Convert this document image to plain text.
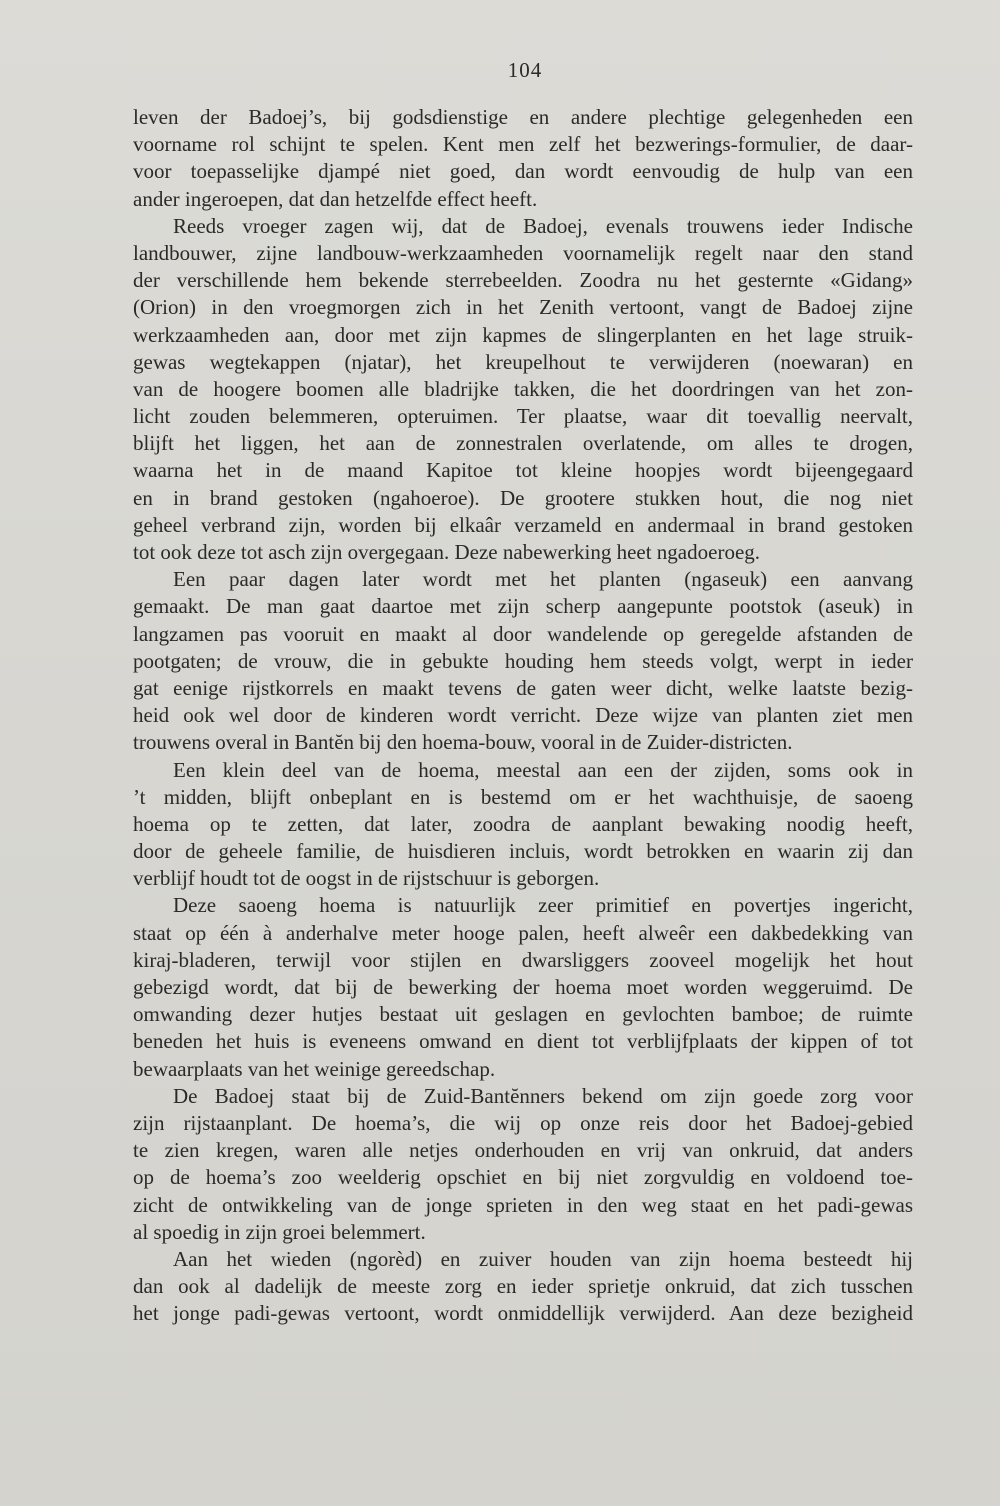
104
leven der Badoej’s, bij godsdienstige en andere plechtige gelegenheden een
voorname rol schijnt te spelen. Kent men zelf het bezwerings-formulier, de daar-
voor toepasselijke djampé niet goed, dan wordt eenvoudig de hulp van een
ander ingeroepen, dat dan hetzelfde effect heeft.
Reeds vroeger zagen wij, dat de Badoej, evenals trouwens ieder Indische
landbouwer, zijne landbouw-werkzaamheden voornamelijk regelt naar den stand
der verschillende hem bekende sterrebeelden. Zoodra nu het gesternte «Gidang»
(Orion) in den vroegmorgen zich in het Zenith vertoont, vangt de Badoej zijne
werkzaamheden aan, door met zijn kapmes de slingerplanten en het lage struik-
gewas wegtekappen (njatar), het kreupelhout te verwijderen (noewaran) en
van de hoogere boomen alle bladrijke takken, die het doordringen van het zon-
licht zouden belemmeren, opteruimen. Ter plaatse, waar dit toevallig neervalt,
blijft het liggen, het aan de zonnestralen overlatende, om alles te drogen,
waarna het in de maand Kapitoe tot kleine hoopjes wordt bijeengegaard
en in brand gestoken (ngahoeroe). De grootere stukken hout, die nog niet
geheel verbrand zijn, worden bij elkaâr verzameld en andermaal in brand gestoken
tot ook deze tot asch zijn overgegaan. Deze nabewerking heet ngadoeroeg.
Een paar dagen later wordt met het planten (ngaseuk) een aanvang
gemaakt. De man gaat daartoe met zijn scherp aangepunte pootstok (aseuk) in
langzamen pas vooruit en maakt al door wandelende op geregelde afstanden de
pootgaten; de vrouw, die in gebukte houding hem steeds volgt, werpt in ieder
gat eenige rijstkorrels en maakt tevens de gaten weer dicht, welke laatste bezig-
heid ook wel door de kinderen wordt verricht. Deze wijze van planten ziet men
trouwens overal in Bantĕn bij den hoema-bouw, vooral in de Zuider-districten.
Een klein deel van de hoema, meestal aan een der zijden, soms ook in
’t midden, blijft onbeplant en is bestemd om er het wachthuisje, de saoeng
hoema op te zetten, dat later, zoodra de aanplant bewaking noodig heeft,
door de geheele familie, de huisdieren incluis, wordt betrokken en waarin zij dan
verblijf houdt tot de oogst in de rijstschuur is geborgen.
Deze saoeng hoema is natuurlijk zeer primitief en povertjes ingericht,
staat op één à anderhalve meter hooge palen, heeft alweêr een dakbedekking van
kiraj-bladeren, terwijl voor stijlen en dwarsliggers zooveel mogelijk het hout
gebezigd wordt, dat bij de bewerking der hoema moet worden weggeruimd. De
omwanding dezer hutjes bestaat uit geslagen en gevlochten bamboe; de ruimte
beneden het huis is eveneens omwand en dient tot verblijfplaats der kippen of tot
bewaarplaats van het weinige gereedschap.
De Badoej staat bij de Zuid-Bantĕnners bekend om zijn goede zorg voor
zijn rijstaanplant. De hoema’s, die wij op onze reis door het Badoej-gebied
te zien kregen, waren alle netjes onderhouden en vrij van onkruid, dat anders
op de hoema’s zoo weelderig opschiet en bij niet zorgvuldig en voldoend toe-
zicht de ontwikkeling van de jonge sprieten in den weg staat en het padi-gewas
al spoedig in zijn groei belemmert.
Aan het wieden (ngorèd) en zuiver houden van zijn hoema besteedt hij
dan ook al dadelijk de meeste zorg en ieder sprietje onkruid, dat zich tusschen
het jonge padi-gewas vertoont, wordt onmiddellijk verwijderd. Aan deze bezigheid
